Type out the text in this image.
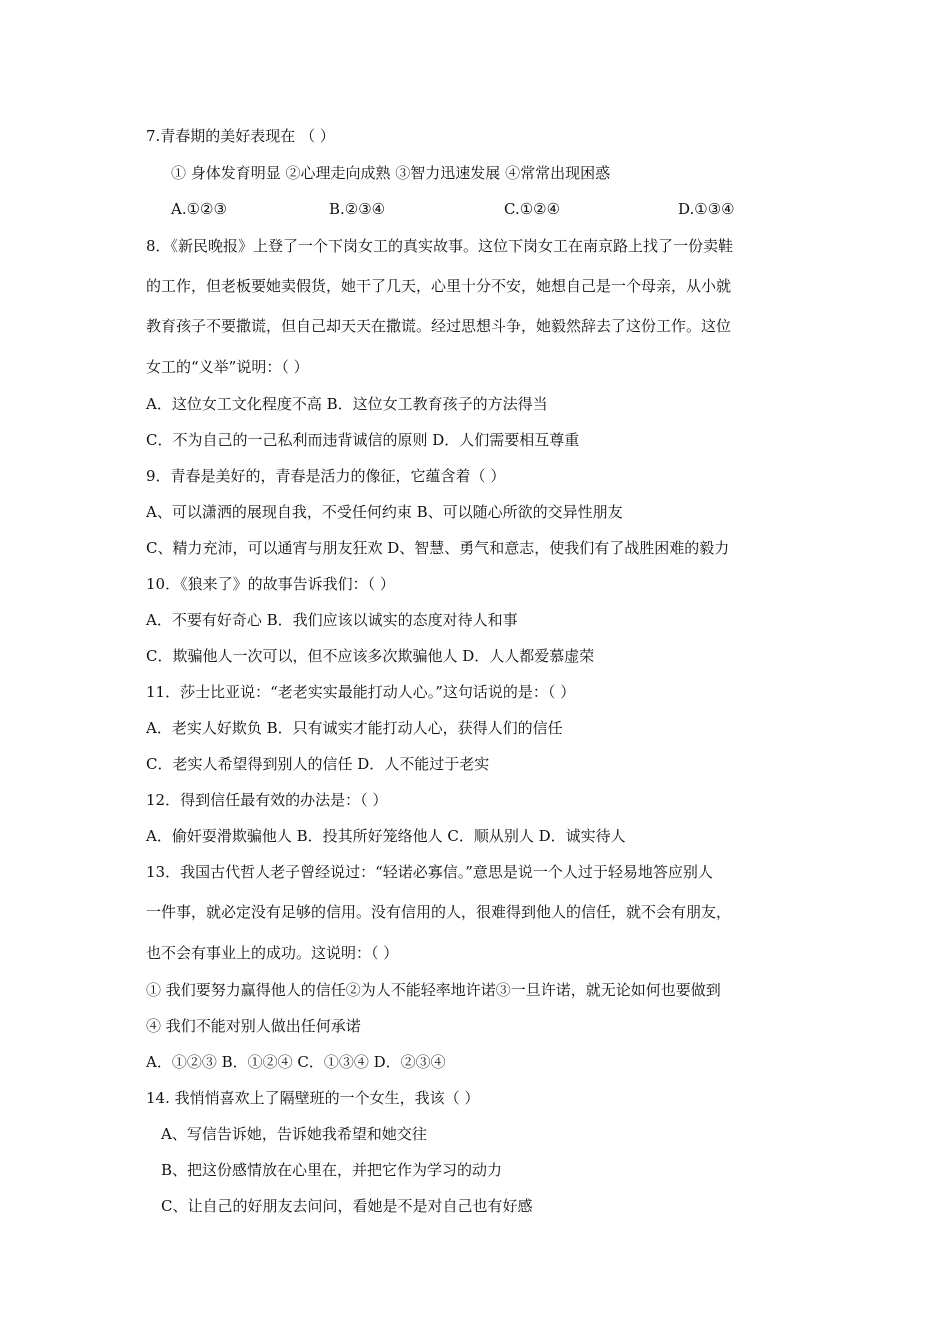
7.青春期的美好表现在 （ ）
① 身体发育明显 ②心理走向成熟 ③智力迅速发展 ④常常出现困惑
A.①②③	B.②③④	C.①②④	D.①③④
8．《新民晚报》上登了一个下岗女工的真实故事。这位下岗女工在南京路上找了一份卖鞋
的工作，但老板要她卖假货，她干了几天，心里十分不安，她想自己是一个母亲，从小就
教育孩子不要撒谎，但自己却天天在撒谎。经过思想斗争，她毅然辞去了这份工作。这位
女工的“义举”说明：（ ）
A．这位女工文化程度不高 B．这位女工教育孩子的方法得当
C．不为自己的一己私利而违背诚信的原则 D．人们需要相互尊重
9．青春是美好的，青春是活力的像征，它蕴含着（ ）
A、可以潇洒的展现自我，不受任何约束 B、可以随心所欲的交异性朋友
C、精力充沛，可以通宵与朋友狂欢 D、智慧、勇气和意志，使我们有了战胜困难的毅力
10．《狼来了》的故事告诉我们：（ ）
A．不要有好奇心 B．我们应该以诚实的态度对待人和事
C．欺骗他人一次可以，但不应该多次欺骗他人 D．人人都爱慕虚荣
11．莎士比亚说：“老老实实最能打动人心。”这句话说的是：（ ）
A．老实人好欺负 B．只有诚实才能打动人心，获得人们的信任
C．老实人希望得到别人的信任 D．人不能过于老实
12．得到信任最有效的办法是：（ ）
A．偷奸耍滑欺骗他人 B．投其所好笼络他人 C．顺从别人 D．诚实待人
13．我国古代哲人老子曾经说过：“轻诺必寡信。”意思是说一个人过于轻易地答应别人
一件事，就必定没有足够的信用。没有信用的人，很难得到他人的信任，就不会有朋友，
也不会有事业上的成功。这说明：（ ）
① 我们要努力赢得他人的信任②为人不能轻率地许诺③一旦许诺，就无论如何也要做到
④ 我们不能对别人做出任何承诺
A．①②③ B．①②④ C．①③④ D．②③④
14. 我悄悄喜欢上了隔壁班的一个女生，我该（ ）
A、写信告诉她，告诉她我希望和她交往
B、把这份感情放在心里在，并把它作为学习的动力
C、让自己的好朋友去问问，看她是不是对自己也有好感
